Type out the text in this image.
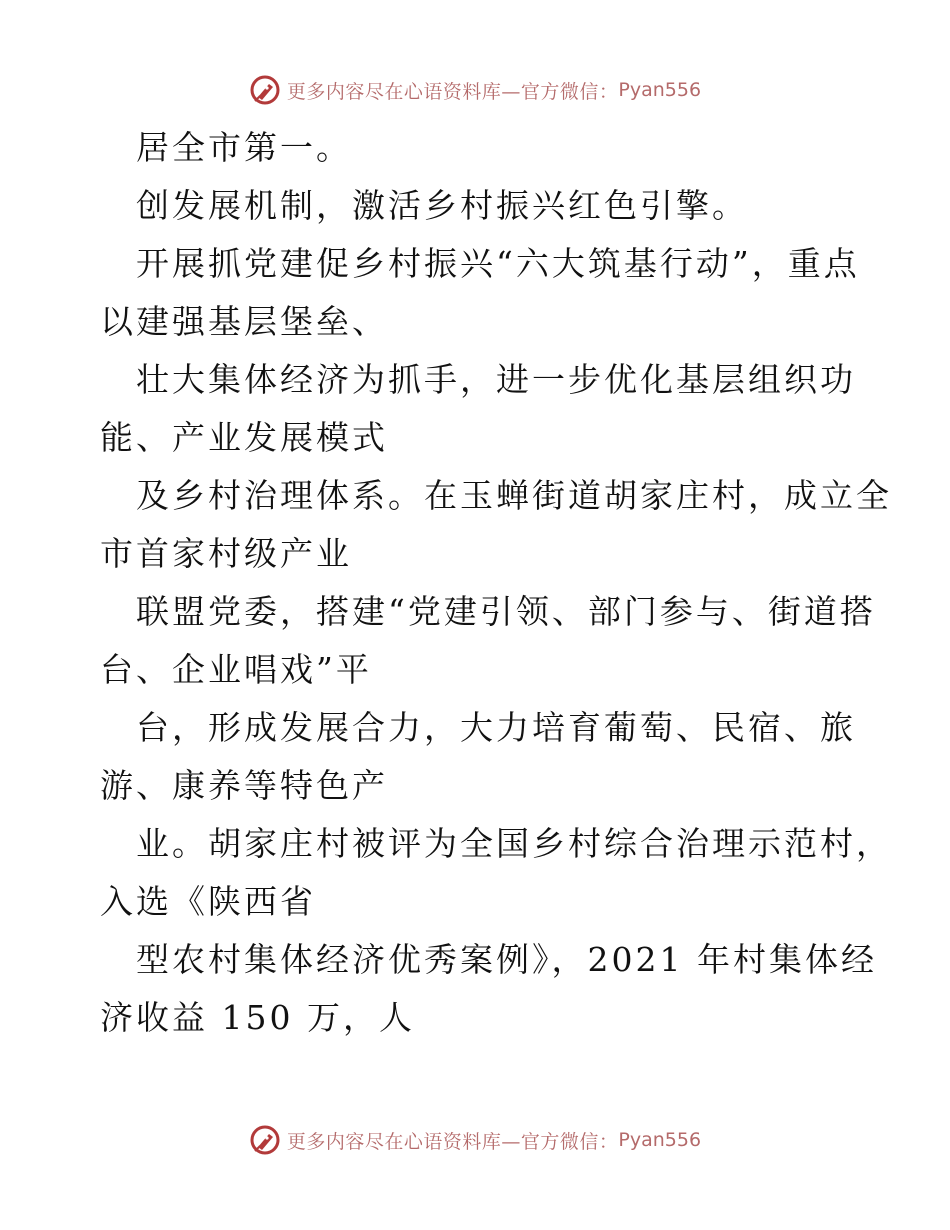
更多内容尽在心语资料库—官方微信： Pyan556
居全市第一。
创发展机制，激活乡村振兴红色引擎。
开展抓党建促乡村振兴“六大筑基行动”，重点
以建强基层堡垒、
壮大集体经济为抓手，进一步优化基层组织功
能、产业发展模式
及乡村治理体系。在玉蝉街道胡家庄村，成立全
市首家村级产业
联盟党委，搭建“党建引领、部门参与、街道搭
台、企业唱戏”平
台，形成发展合力，大力培育葡萄、民宿、旅
游、康养等特色产
业。胡家庄村被评为全国乡村综合治理示范村，
入选《陕西省
型农村集体经济优秀案例》，2021 年村集体经
济收益 150 万，人
更多内容尽在心语资料库—官方微信： Pyan556
